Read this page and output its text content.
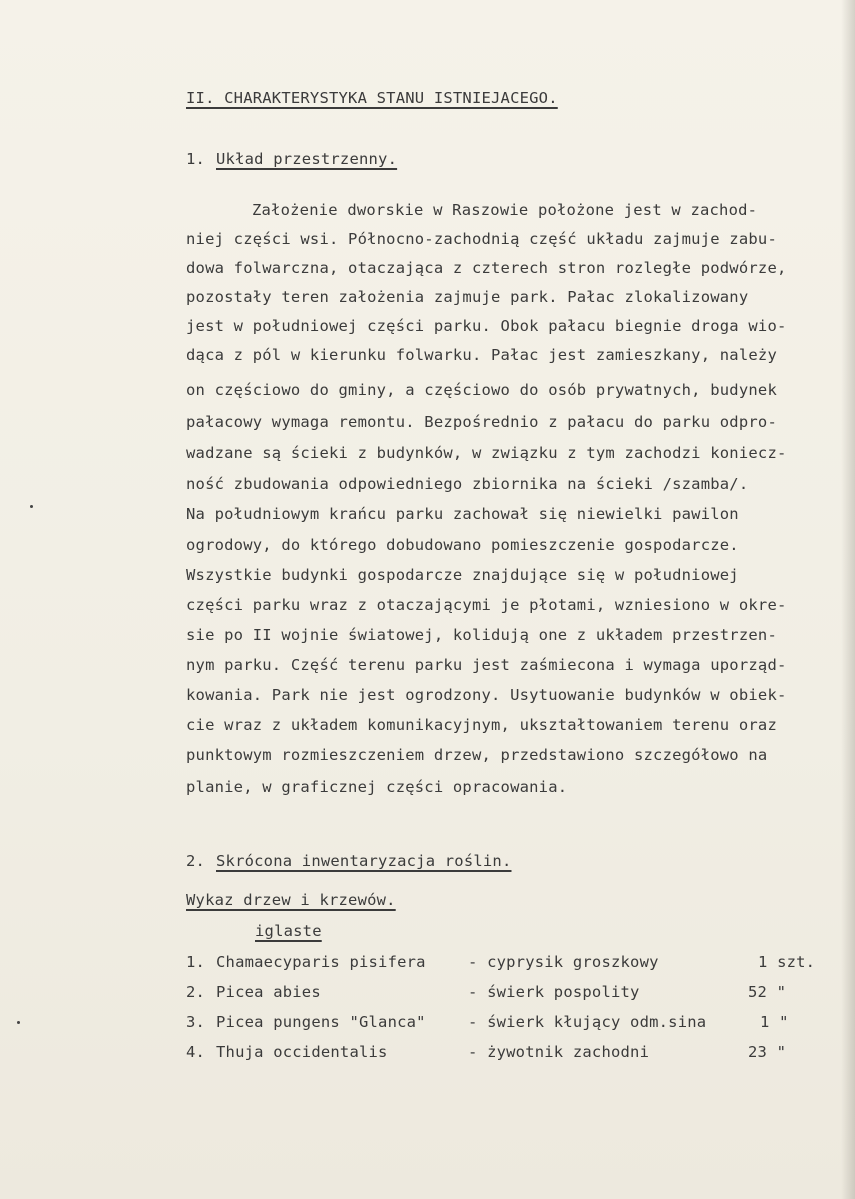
II. CHARAKTERYSTYKA STANU ISTNIEJACEGO.
1. Układ przestrzenny.
Założenie dworskie w Raszowie położone jest w zachod-
niej części wsi. Północno-zachodnią część układu zajmuje zabu-
dowa folwarczna, otaczająca z czterech stron rozległe podwórze,
pozostały teren założenia zajmuje park. Pałac zlokalizowany
jest w południowej części parku. Obok pałacu biegnie droga wio-
dąca z pól w kierunku folwarku. Pałac jest zamieszkany, należy
on częściowo do gminy, a częściowo do osób prywatnych, budynek
pałacowy wymaga remontu. Bezpośrednio z pałacu do parku odpro-
wadzane są ścieki z budynków, w związku z tym zachodzi koniecz-
ność zbudowania odpowiedniego zbiornika na ścieki /szamba/.
Na południowym krańcu parku zachował się niewielki pawilon
ogrodowy, do którego dobudowano pomieszczenie gospodarcze.
Wszystkie budynki gospodarcze znajdujące się w południowej
części parku wraz z otaczającymi je płotami, wzniesiono w okre-
sie po II wojnie światowej, kolidują one z układem przestrzen-
nym parku. Część terenu parku jest zaśmiecona i wymaga uporząd-
kowania. Park nie jest ogrodzony. Usytuowanie budynków w obiek-
cie wraz z układem komunikacyjnym, ukształtowaniem terenu oraz
punktowym rozmieszczeniem drzew, przedstawiono szczegółowo na
planie, w graficznej części opracowania.
2. Skrócona inwentaryzacja roślin.
Wykaz drzew i krzewów.
iglaste
1. Chamaecyparis pisifera	- cyprysik groszkowy	1 szt.
2. Picea abies	- świerk pospolity	52 "
3. Picea pungens "Glanca"	- świerk kłujący odm.sina	1 "
4. Thuja occidentalis	- żywotnik zachodni	23 "
